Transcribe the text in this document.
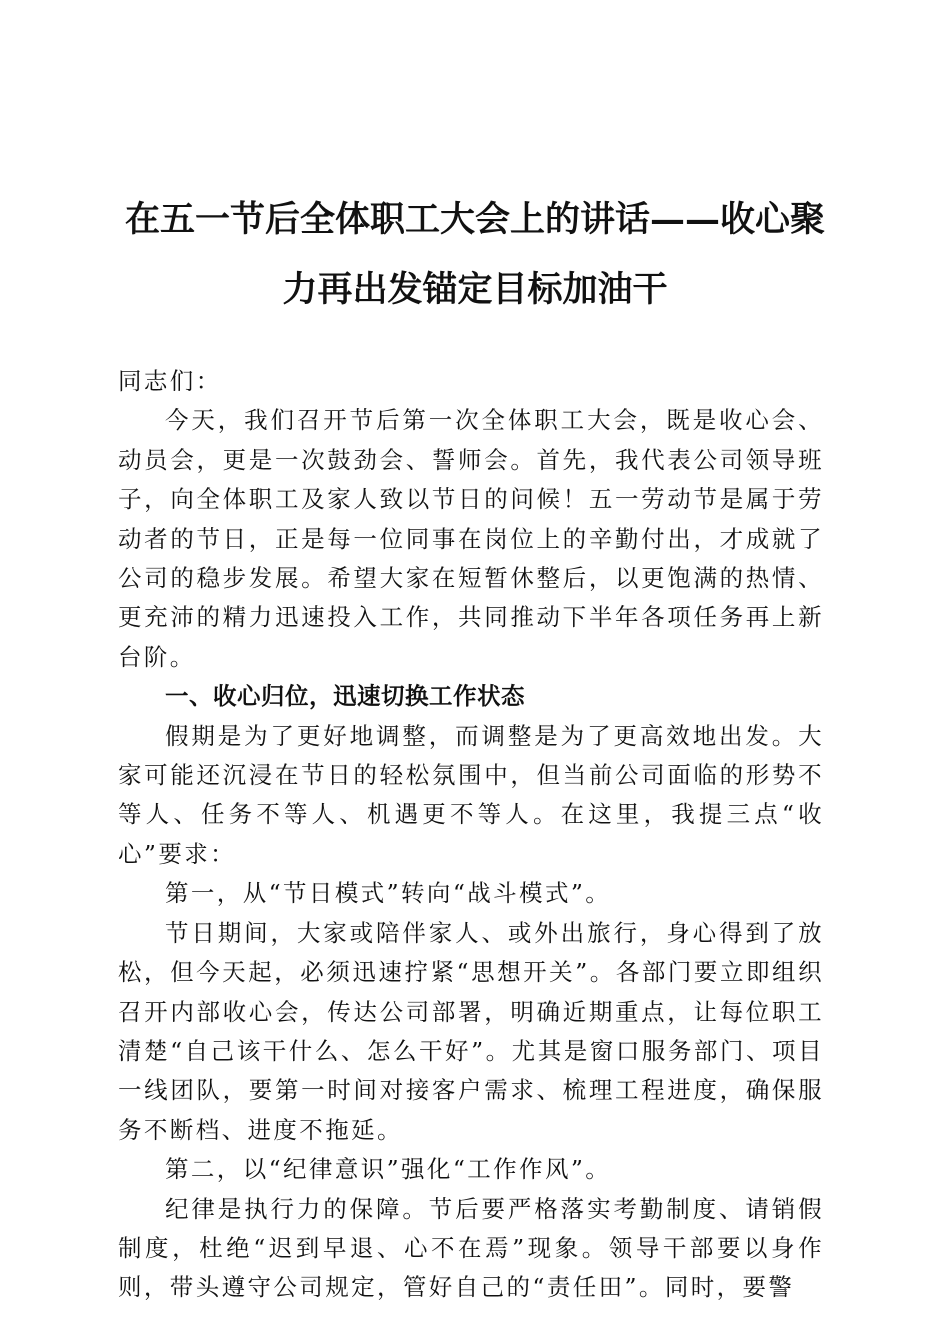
在五一节后全体职工大会上的讲话——收心聚
力再出发锚定目标加油干

同志们：

今天，我们召开节后第一次全体职工大会，既是收心会、动员会，更是一次鼓劲会、誓师会。首先，我代表公司领导班子，向全体职工及家人致以节日的问候！五一劳动节是属于劳动者的节日，正是每一位同事在岗位上的辛勤付出，才成就了公司的稳步发展。希望大家在短暂休整后，以更饱满的热情、更充沛的精力迅速投入工作，共同推动下半年各项任务再上新台阶。

一、收心归位，迅速切换工作状态

假期是为了更好地调整，而调整是为了更高效地出发。大家可能还沉浸在节日的轻松氛围中，但当前公司面临的形势不等人、任务不等人、机遇更不等人。在这里，我提三点“收心”要求：

第一，从“节日模式”转向“战斗模式”。

节日期间，大家或陪伴家人、或外出旅行，身心得到了放松，但今天起，必须迅速拧紧“思想开关”。各部门要立即组织召开内部收心会，传达公司部署，明确近期重点，让每位职工清楚“自己该干什么、怎么干好”。尤其是窗口服务部门、项目一线团队，要第一时间对接客户需求、梳理工程进度，确保服务不断档、进度不拖延。

第二，以“纪律意识”强化“工作作风”。

纪律是执行力的保障。节后要严格落实考勤制度、请销假制度，杜绝“迟到早退、心不在焉”现象。领导干部要以身作则，带头遵守公司规定，管好自己的“责任田”。同时，要警
